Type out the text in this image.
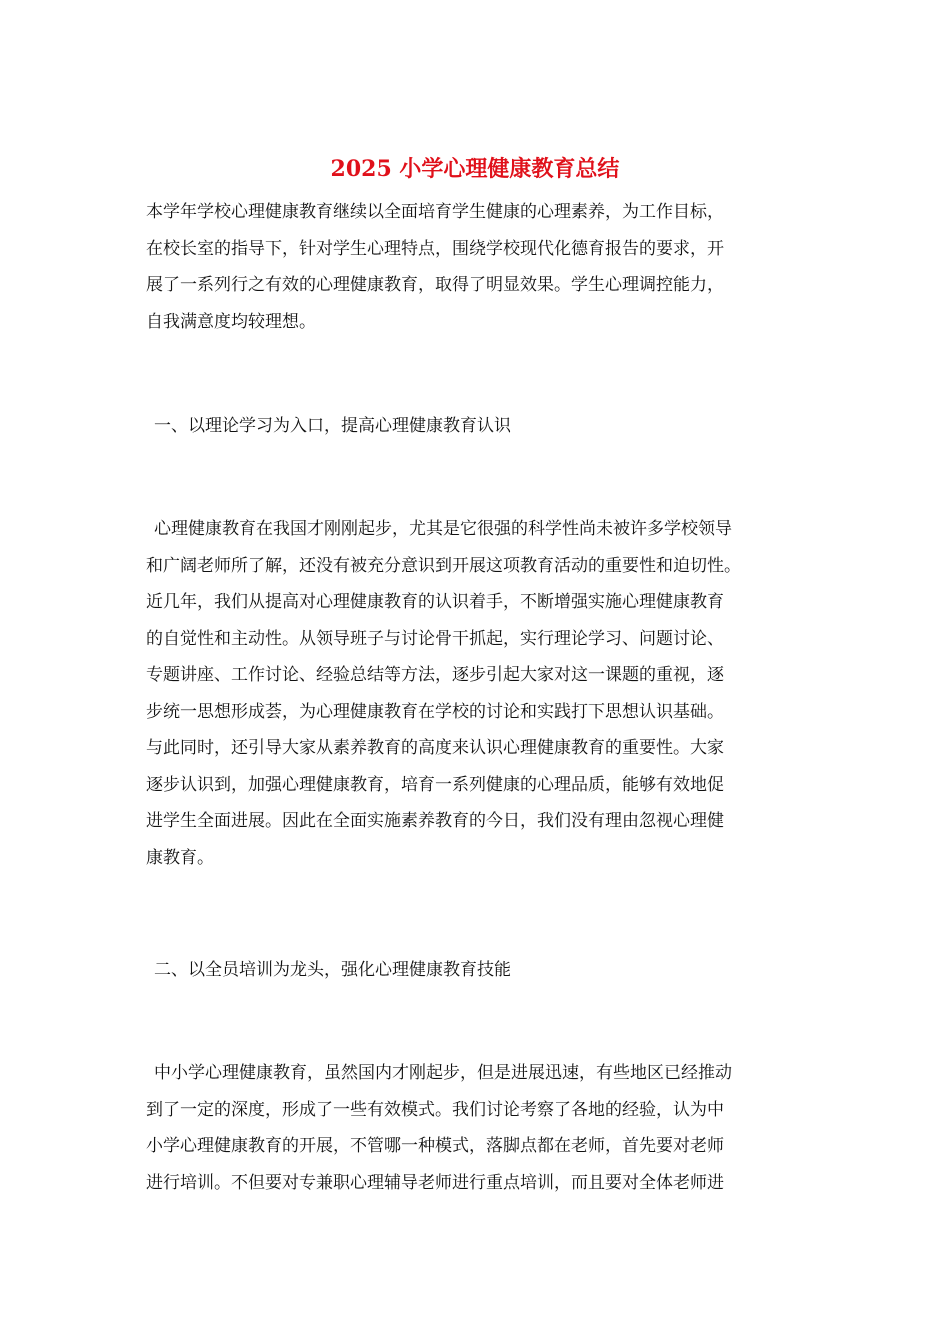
2025 小学心理健康教育总结
本学年学校心理健康教育继续以全面培育学生健康的心理素养，为工作目标，
在校长室的指导下，针对学生心理特点，围绕学校现代化德育报告的要求，开
展了一系列行之有效的心理健康教育，取得了明显效果。学生心理调控能力，
自我满意度均较理想。
一、以理论学习为入口，提高心理健康教育认识
心理健康教育在我国才刚刚起步，尤其是它很强的科学性尚未被许多学校领导
和广阔老师所了解，还没有被充分意识到开展这项教育活动的重要性和迫切性。
近几年，我们从提高对心理健康教育的认识着手，不断增强实施心理健康教育
的自觉性和主动性。从领导班子与讨论骨干抓起，实行理论学习、问题讨论、
专题讲座、工作讨论、经验总结等方法，逐步引起大家对这一课题的重视，逐
步统一思想形成荟，为心理健康教育在学校的讨论和实践打下思想认识基础。
与此同时，还引导大家从素养教育的高度来认识心理健康教育的重要性。大家
逐步认识到，加强心理健康教育，培育一系列健康的心理品质，能够有效地促
进学生全面进展。因此在全面实施素养教育的今日，我们没有理由忽视心理健
康教育。
二、以全员培训为龙头，强化心理健康教育技能
中小学心理健康教育，虽然国内才刚起步，但是进展迅速，有些地区已经推动
到了一定的深度，形成了一些有效模式。我们讨论考察了各地的经验，认为中
小学心理健康教育的开展，不管哪一种模式，落脚点都在老师，首先要对老师
进行培训。不但要对专兼职心理辅导老师进行重点培训，而且要对全体老师进
